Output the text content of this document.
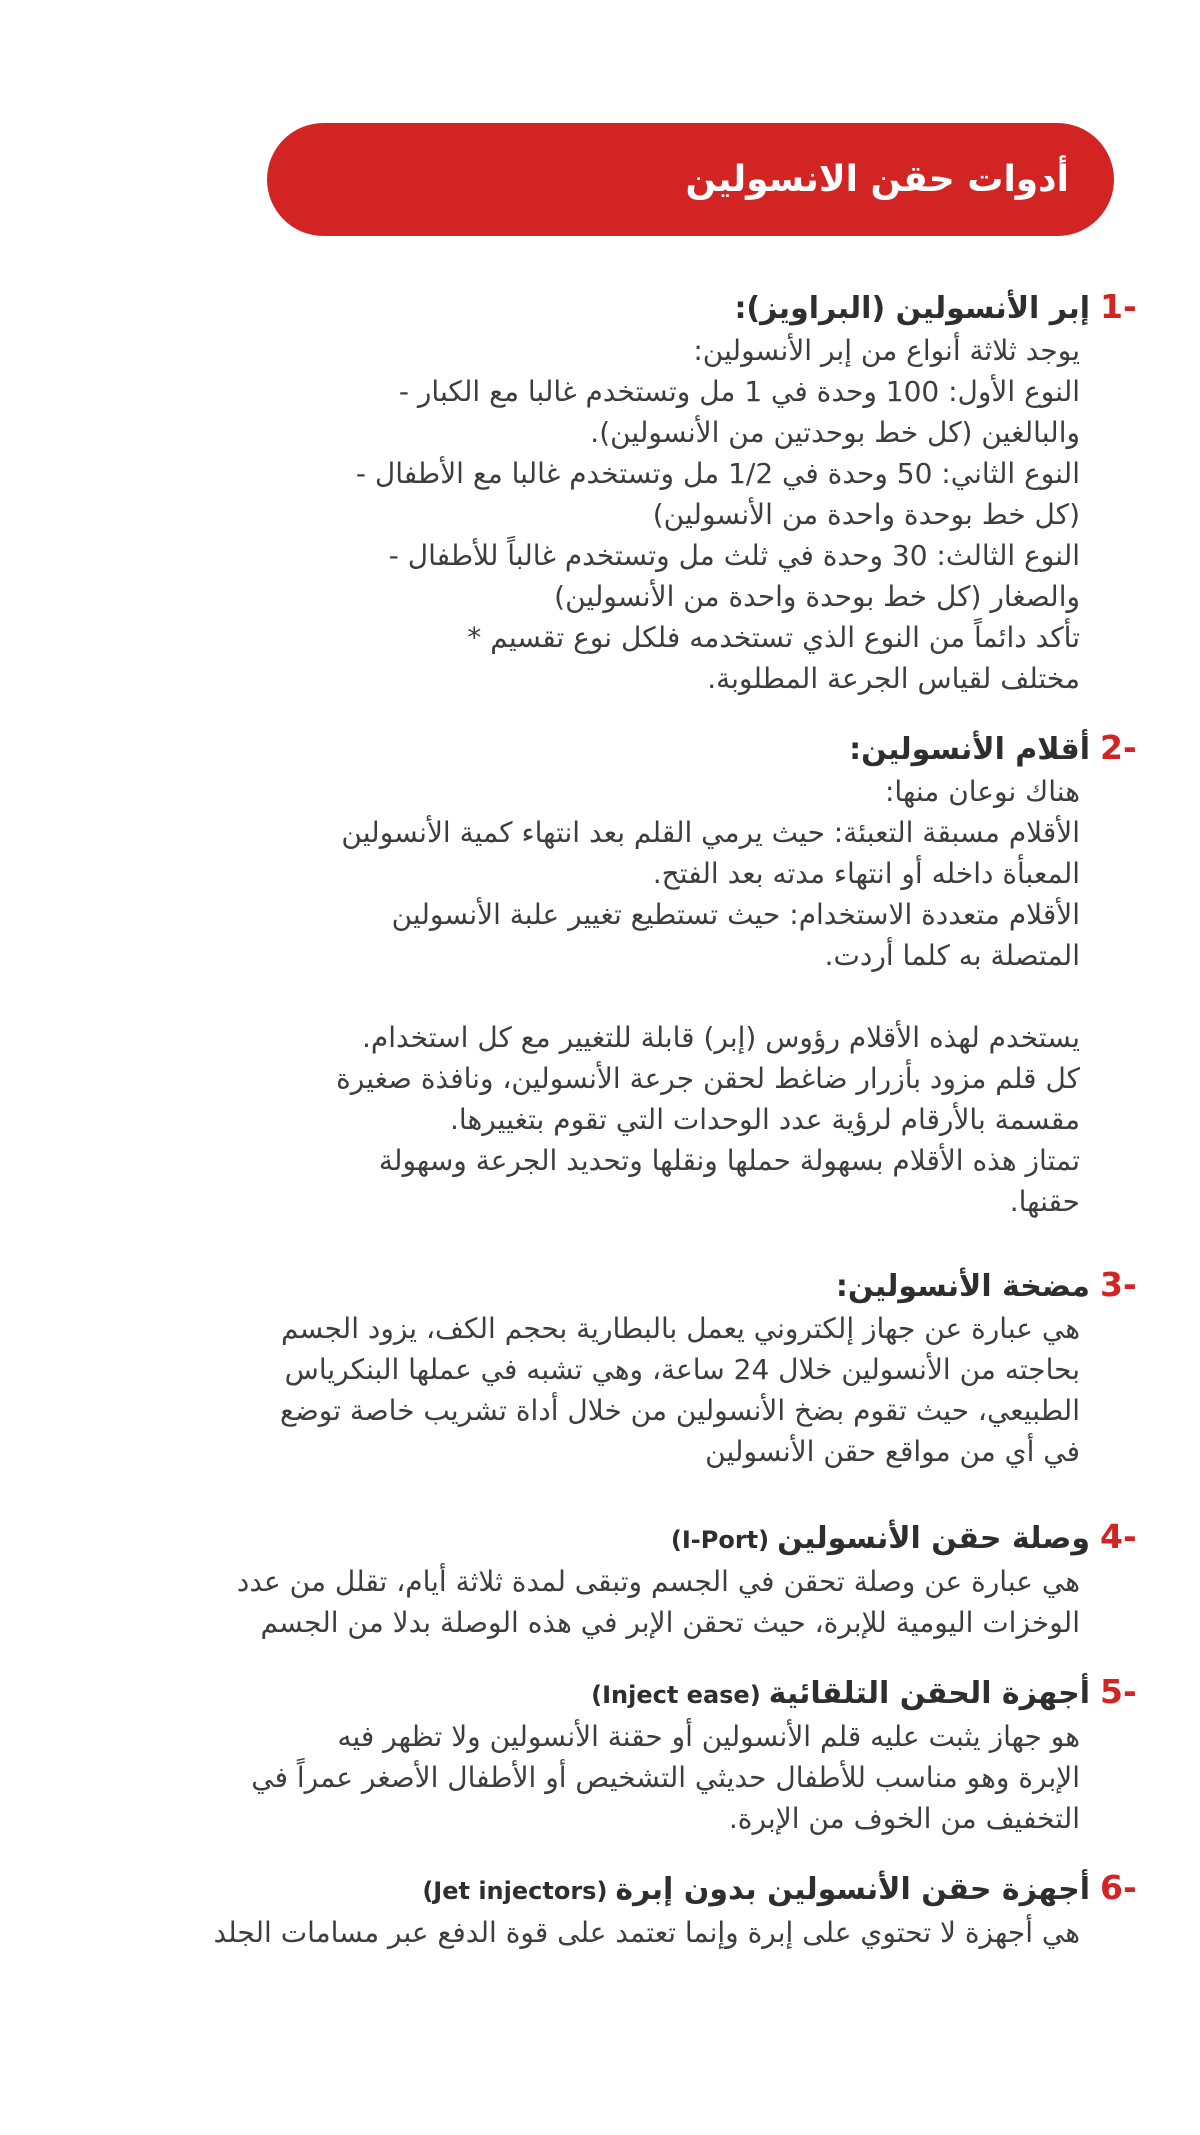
أدوات حقن الانسولين
1-
إبر الأنسولين (البراويز):
يوجد ثلاثة أنواع من إبر الأنسولين:
النوع الأول: 100 وحدة في 1 مل وتستخدم غالبا مع الكبار -
والبالغين (كل خط بوحدتين من الأنسولين).
النوع الثاني: 50 وحدة في 1/2 مل وتستخدم غالبا مع الأطفال -
(كل خط بوحدة واحدة من الأنسولين)
النوع الثالث: 30 وحدة في ثلث مل وتستخدم غالباً للأطفال -
والصغار (كل خط بوحدة واحدة من الأنسولين)
تأكد دائماً من النوع الذي تستخدمه فلكل نوع تقسيم *
مختلف لقياس الجرعة المطلوبة.
2-
أقلام الأنسولين:
هناك نوعان منها:
الأقلام مسبقة التعبئة: حيث يرمي القلم بعد انتهاء كمية الأنسولين
المعبأة داخله أو انتهاء مدته بعد الفتح.
الأقلام متعددة الاستخدام: حيث تستطيع تغيير علبة الأنسولين
المتصلة به كلما أردت.
يستخدم لهذه الأقلام رؤوس (إبر) قابلة للتغيير مع كل استخدام.
كل قلم مزود بأزرار ضاغط لحقن جرعة الأنسولين، ونافذة صغيرة
مقسمة بالأرقام لرؤية عدد الوحدات التي تقوم بتغييرها.
تمتاز هذه الأقلام بسهولة حملها ونقلها وتحديد الجرعة وسهولة
حقنها.
3-
مضخة الأنسولين:
هي عبارة عن جهاز إلكتروني يعمل بالبطارية بحجم الكف، يزود الجسم
بحاجته من الأنسولين خلال 24 ساعة، وهي تشبه في عملها البنكرياس
الطبيعي، حيث تقوم بضخ الأنسولين من خلال أداة تشريب خاصة توضع
في أي من مواقع حقن الأنسولين
4-
وصلة حقن الأنسولين
(I-Port)
هي عبارة عن وصلة تحقن في الجسم وتبقى لمدة ثلاثة أيام، تقلل من عدد
الوخزات اليومية للإبرة، حيث تحقن الإبر في هذه الوصلة بدلا من الجسم
5-
أجهزة الحقن التلقائية
(Inject ease)
هو جهاز يثبت عليه قلم الأنسولين أو حقنة الأنسولين ولا تظهر فيه
الإبرة وهو مناسب للأطفال حديثي التشخيص أو الأطفال الأصغر عمراً في
التخفيف من الخوف من الإبرة.
6-
أجهزة حقن الأنسولين بدون إبرة
(Jet injectors)
هي أجهزة لا تحتوي على إبرة وإنما تعتمد على قوة الدفع عبر مسامات الجلد
